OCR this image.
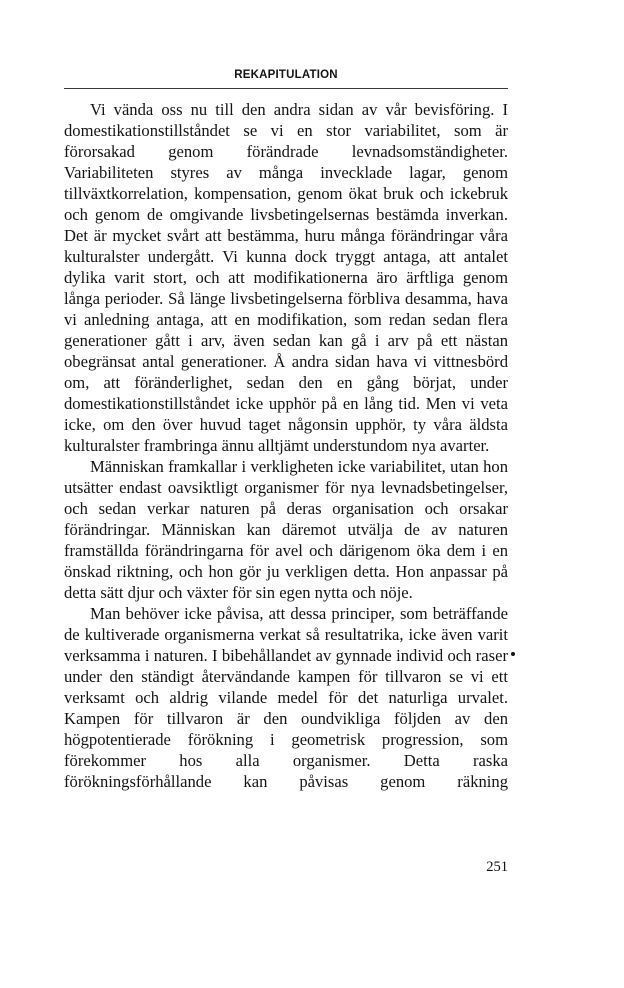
REKAPITULATION

Vi vända oss nu till den andra sidan av vår bevisföring. I domestikationstillståndet se vi en stor variabilitet, som är förorsakad genom förändrade levnadsomständigheter. Variabiliteten styres av många invecklade lagar, genom tillväxtkorrelation, kompensation, genom ökat bruk och ickebruk och genom de omgivande livsbetingelsernas bestämda inverkan. Det är mycket svårt att bestämma, huru många förändringar våra kulturalster undergått. Vi kunna dock tryggt antaga, att antalet dylika varit stort, och att modifikationerna äro ärftliga genom långa perioder. Så länge livsbetingelserna förbliva desamma, hava vi anledning antaga, att en modifikation, som redan sedan flera generationer gått i arv, även sedan kan gå i arv på ett nästan obegränsat antal generationer. Å andra sidan hava vi vittnesbörd om, att föränderlighet, sedan den en gång börjat, under domestikationstillståndet icke upphör på en lång tid. Men vi veta icke, om den över huvud taget någonsin upphör, ty våra äldsta kulturalster frambringa ännu alltjämt understundom nya avarter.

Människan framkallar i verkligheten icke variabilitet, utan hon utsätter endast oavsiktligt organismer för nya levnadsbetingelser, och sedan verkar naturen på deras organisation och orsakar förändringar. Människan kan däremot utvälja de av naturen framställda förändringarna för avel och därigenom öka dem i en önskad riktning, och hon gör ju verkligen detta. Hon anpassar på detta sätt djur och växter för sin egen nytta och nöje.

Man behöver icke påvisa, att dessa principer, som beträffande de kultiverade organismerna verkat så resultatrika, icke även varit verksamma i naturen. I bibehållandet av gynnade individ och raser under den ständigt återvändande kampen för tillvaron se vi ett verksamt och aldrig vilande medel för det naturliga urvalet. Kampen för tillvaron är den oundvikliga följden av den högpotentierade förökning i geometrisk progression, som förekommer hos alla organismer. Detta raska förökningsförhållande kan påvisas genom räkning

251
